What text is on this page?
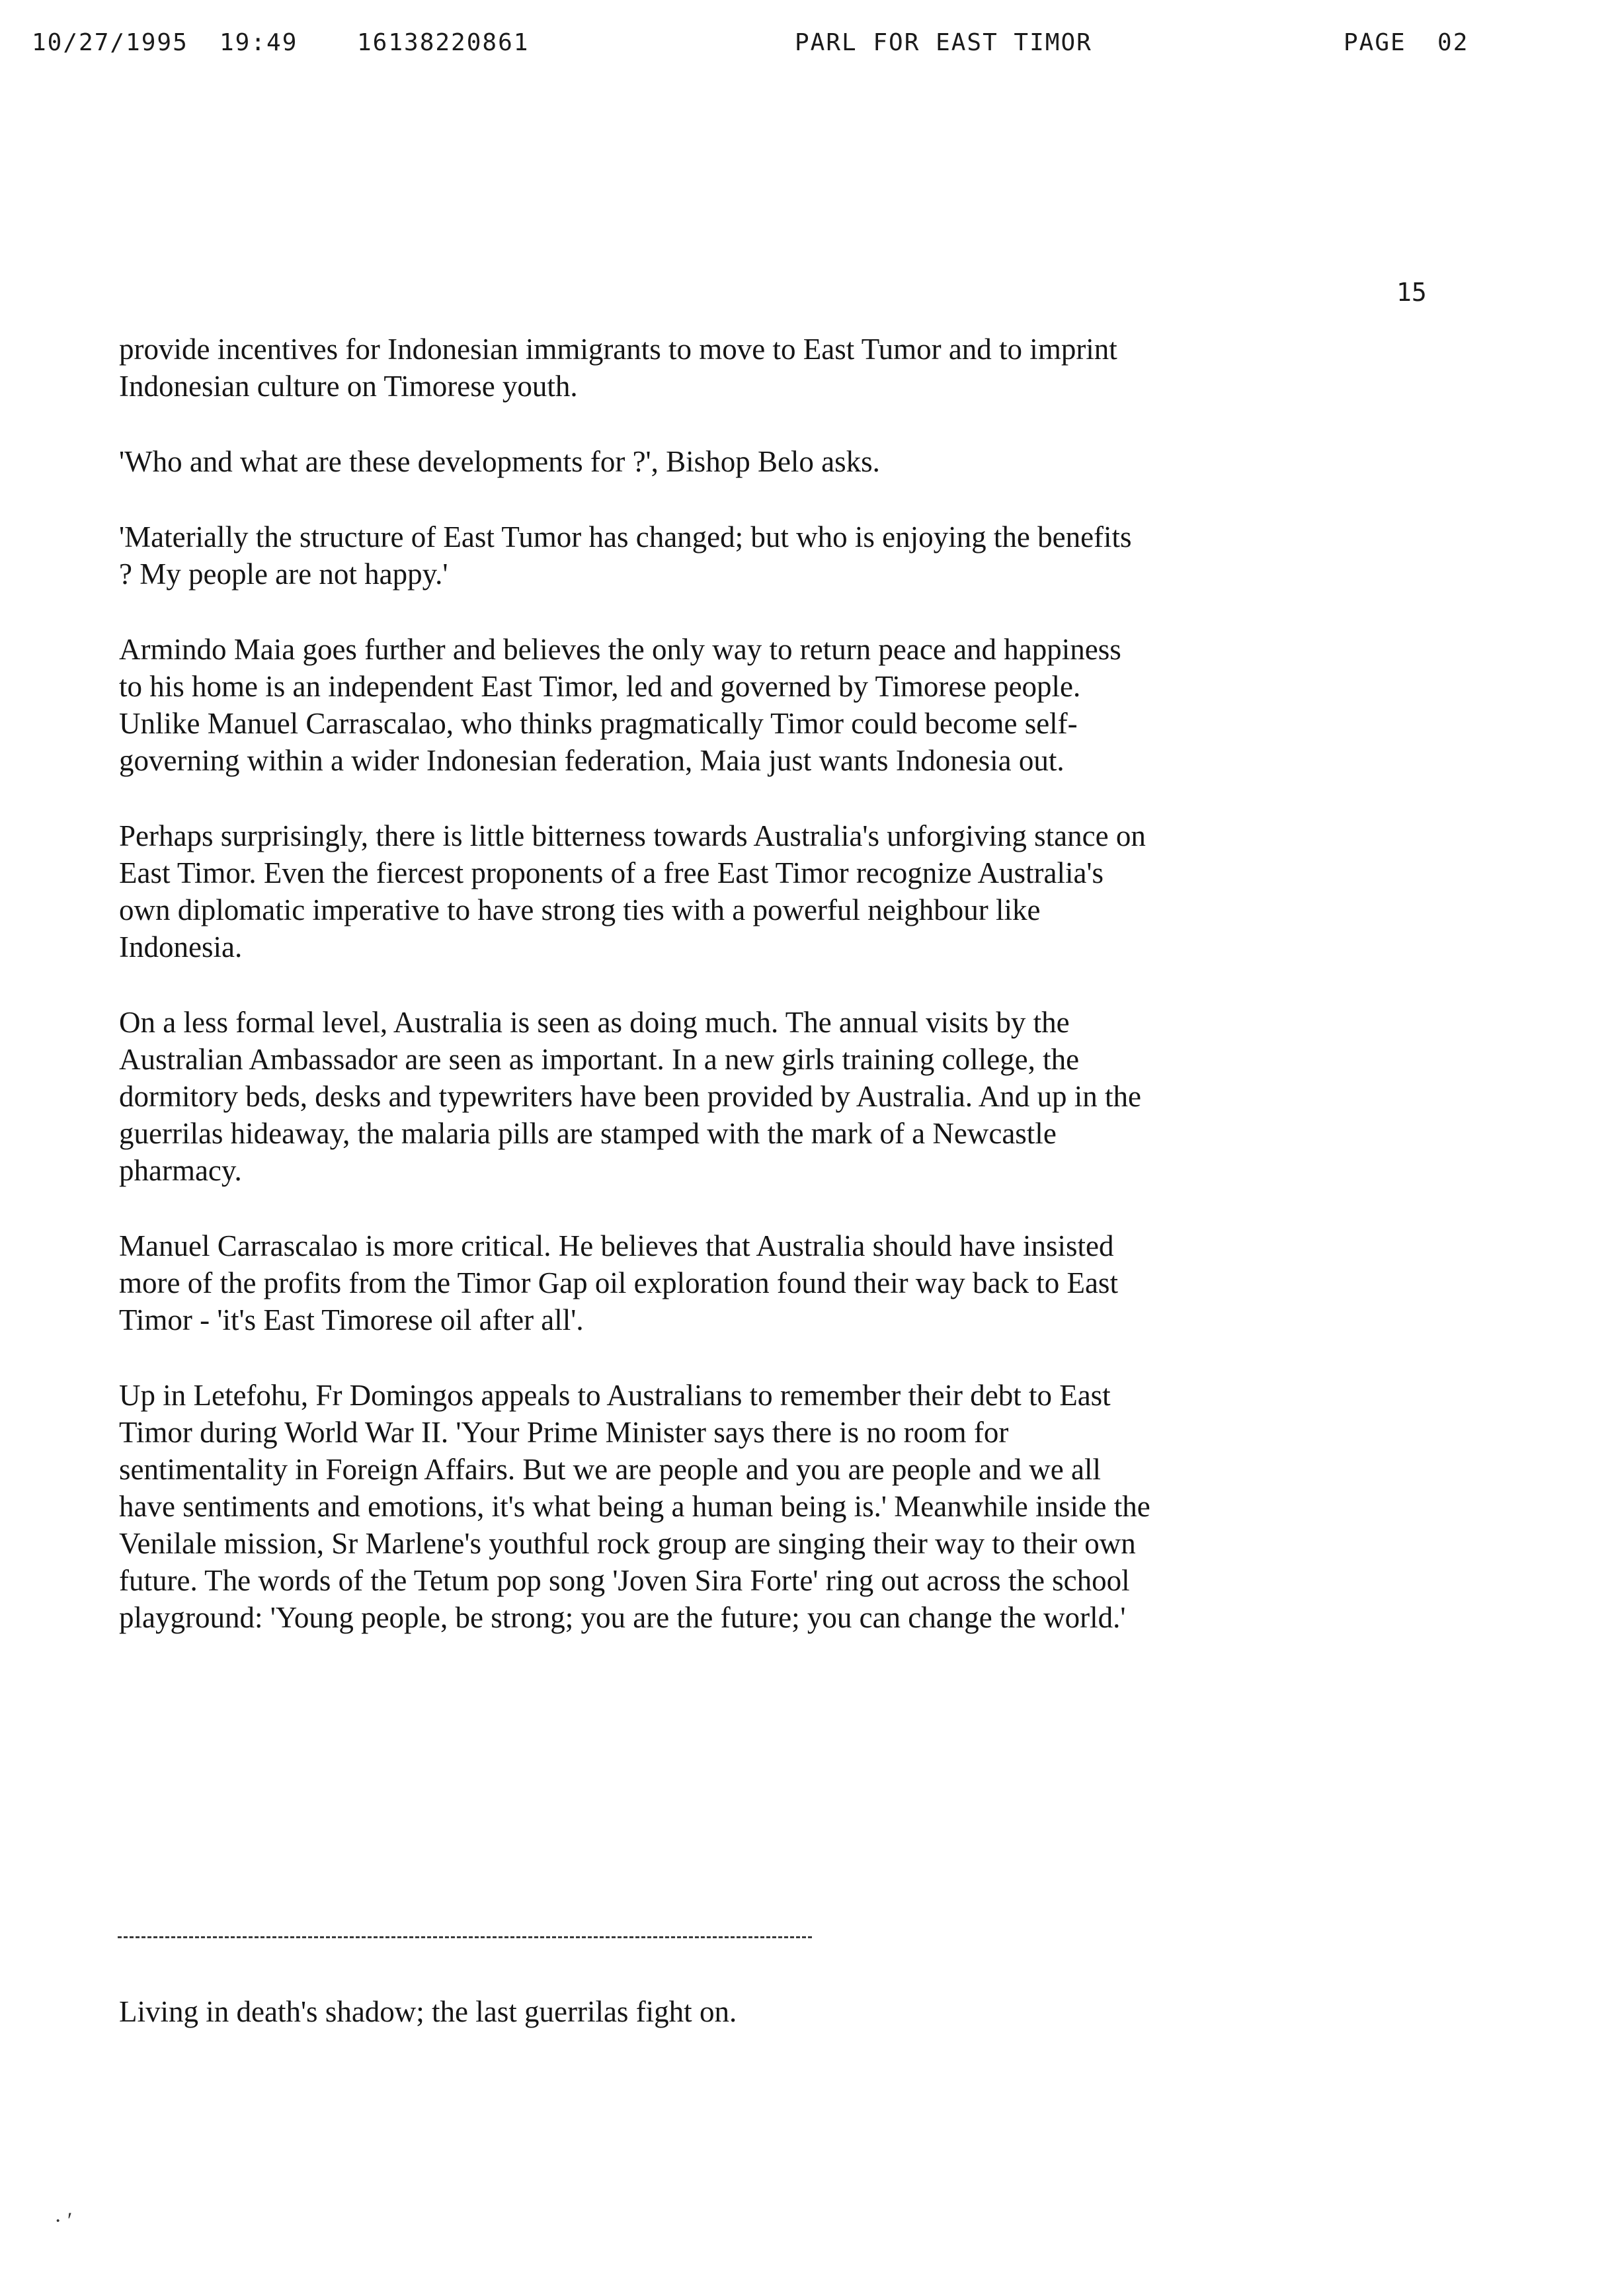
10/27/1995 19:49 16138220861	PARL FOR EAST TIMOR	PAGE  02
15

provide incentives for Indonesian immigrants to move to East Tumor and to imprint Indonesian culture on Timorese youth.

'Who and what are these developments for ?', Bishop Belo asks.

'Materially the structure of East Tumor has changed; but who is enjoying the benefits ? My people are not happy.'

Armindo Maia goes further and believes the only way to return peace and happiness to his home is an independent East Timor, led and governed by Timorese people. Unlike Manuel Carrascalao, who thinks pragmatically Timor could become self-governing within a wider Indonesian federation, Maia just wants Indonesia out.

Perhaps surprisingly, there is little bitterness towards Australia's unforgiving stance on East Timor. Even the fiercest proponents of a free East Timor recognize Australia's own diplomatic imperative to have strong ties with a powerful neighbour like Indonesia.

On a less formal level, Australia is seen as doing much. The annual visits by the Australian Ambassador are seen as important. In a new girls training college, the dormitory beds, desks and typewriters have been provided by Australia. And up in the guerrilas hideaway, the malaria pills are stamped with the mark of a Newcastle pharmacy.

Manuel Carrascalao is more critical. He believes that Australia should have insisted more of the profits from the Timor Gap oil exploration found their way back to East Timor - 'it's East Timorese oil after all'.

Up in Letefohu, Fr Domingos appeals to Australians to remember their debt to East Timor during World War II. 'Your Prime Minister says there is no room for sentimentality in Foreign Affairs. But we are people and you are people and we all have sentiments and emotions, it's what being a human being is.' Meanwhile inside the Venilale mission, Sr Marlene's youthful rock group are singing their way to their own future. The words of the Tetum pop song 'Joven Sira Forte' ring out across the school playground: 'Young people, be strong; you are the future; you can change the world.'

Living in death's shadow; the last guerrilas fight on.
· ʹ
